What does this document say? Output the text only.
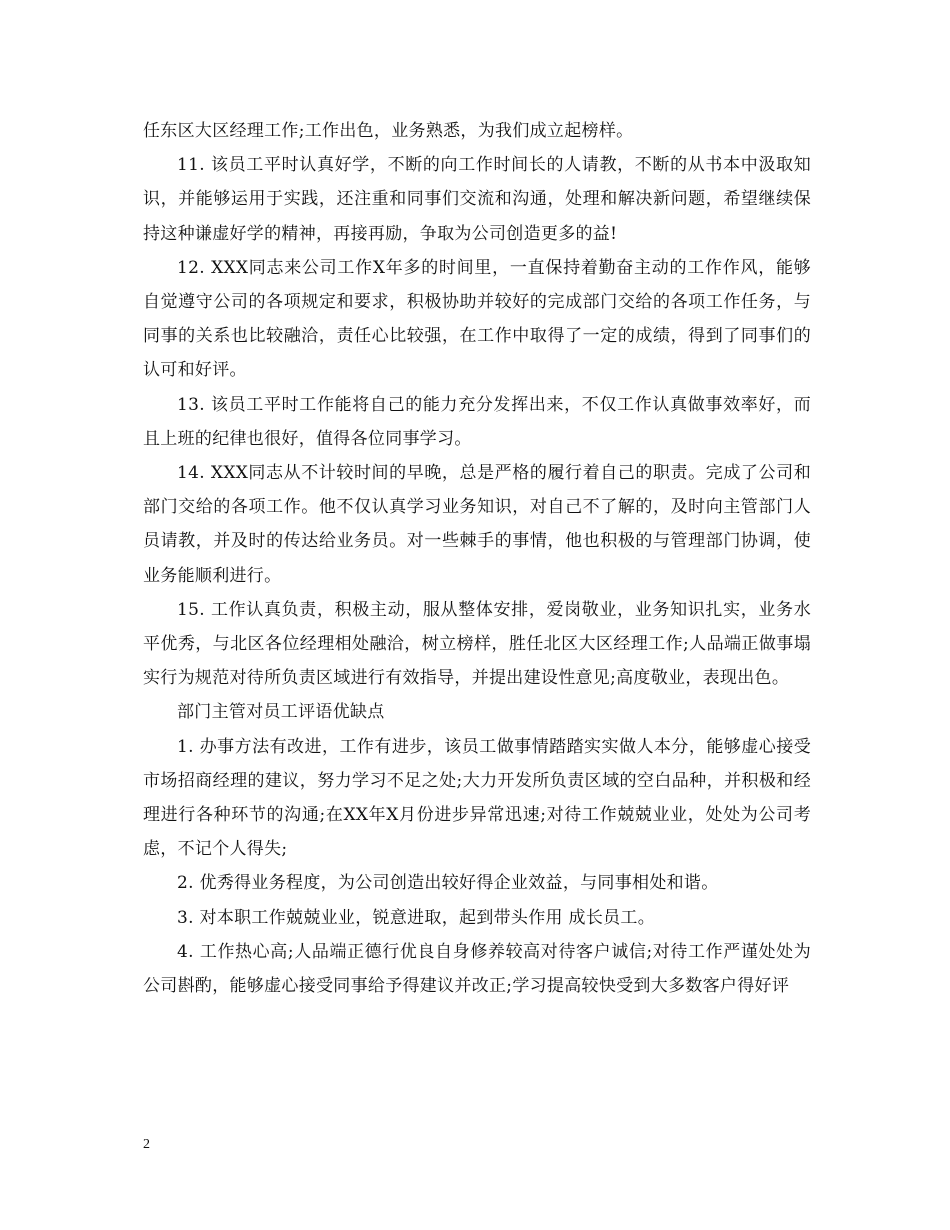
任东区大区经理工作;工作出色，业务熟悉，为我们成立起榜样。

11. 该员工平时认真好学，不断的向工作时间长的人请教，不断的从书本中汲取知识，并能够运用于实践，还注重和同事们交流和沟通，处理和解决新问题，希望继续保持这种谦虚好学的精神，再接再励，争取为公司创造更多的益!

12. XXX同志来公司工作X年多的时间里，一直保持着勤奋主动的工作作风，能够自觉遵守公司的各项规定和要求，积极协助并较好的完成部门交给的各项工作任务，与同事的关系也比较融洽，责任心比较强，在工作中取得了一定的成绩，得到了同事们的认可和好评。

13. 该员工平时工作能将自己的能力充分发挥出来，不仅工作认真做事效率好，而且上班的纪律也很好，值得各位同事学习。

14. XXX同志从不计较时间的早晚，总是严格的履行着自己的职责。完成了公司和部门交给的各项工作。他不仅认真学习业务知识，对自己不了解的，及时向主管部门人员请教，并及时的传达给业务员。对一些棘手的事情，他也积极的与管理部门协调，使业务能顺利进行。

15. 工作认真负责，积极主动，服从整体安排，爱岗敬业，业务知识扎实，业务水平优秀，与北区各位经理相处融洽，树立榜样，胜任北区大区经理工作;人品端正做事塌实行为规范对待所负责区域进行有效指导，并提出建设性意见;高度敬业，表现出色。

部门主管对员工评语优缺点

1. 办事方法有改进，工作有进步，该员工做事情踏踏实实做人本分，能够虚心接受市场招商经理的建议，努力学习不足之处;大力开发所负责区域的空白品种，并积极和经理进行各种环节的沟通;在XX年X月份进步异常迅速;对待工作兢兢业业，处处为公司考虑，不记个人得失;

2. 优秀得业务程度，为公司创造出较好得企业效益，与同事相处和谐。

3. 对本职工作兢兢业业，锐意进取，起到带头作用 成长员工。

4. 工作热心高;人品端正德行优良自身修养较高对待客户诚信;对待工作严谨处处为公司斟酌，能够虚心接受同事给予得建议并改正;学习提高较快受到大多数客户得好评

2
